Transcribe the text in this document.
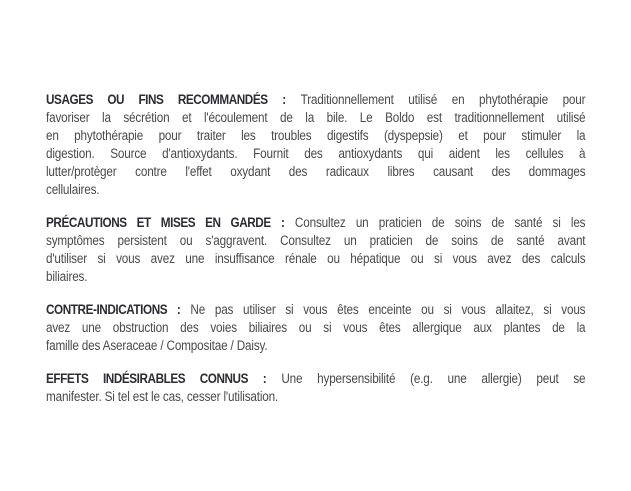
USAGES OU FINS RECOMMANDÉS : Traditionnellement utilisé en phytothérapie pour
favoriser la sécrétion et l'écoulement de la bile. Le Boldo est traditionnellement utilisé
en phytothérapie pour traiter les troubles digestifs (dyspepsie) et pour stimuler la
digestion. Source d'antioxydants. Fournit des antioxydants qui aident les cellules à
lutter/protèger contre l'effet oxydant des radicaux libres causant des dommages
cellulaires.

PRÉCAUTIONS ET MISES EN GARDE : Consultez un praticien de soins de santé si les
symptômes persistent ou s'aggravent. Consultez un praticien de soins de santé avant
d'utiliser si vous avez une insuffisance rénale ou hépatique ou si vous avez des calculs
biliaires.

CONTRE-INDICATIONS : Ne pas utiliser si vous êtes enceinte ou si vous allaitez, si vous
avez une obstruction des voies biliaires ou si vous êtes allergique aux plantes de la
famille des Aseraceae / Compositae / Daisy.

EFFETS INDÉSIRABLES CONNUS : Une hypersensibilité (e.g. une allergie) peut se
manifester. Si tel est le cas, cesser l'utilisation.
